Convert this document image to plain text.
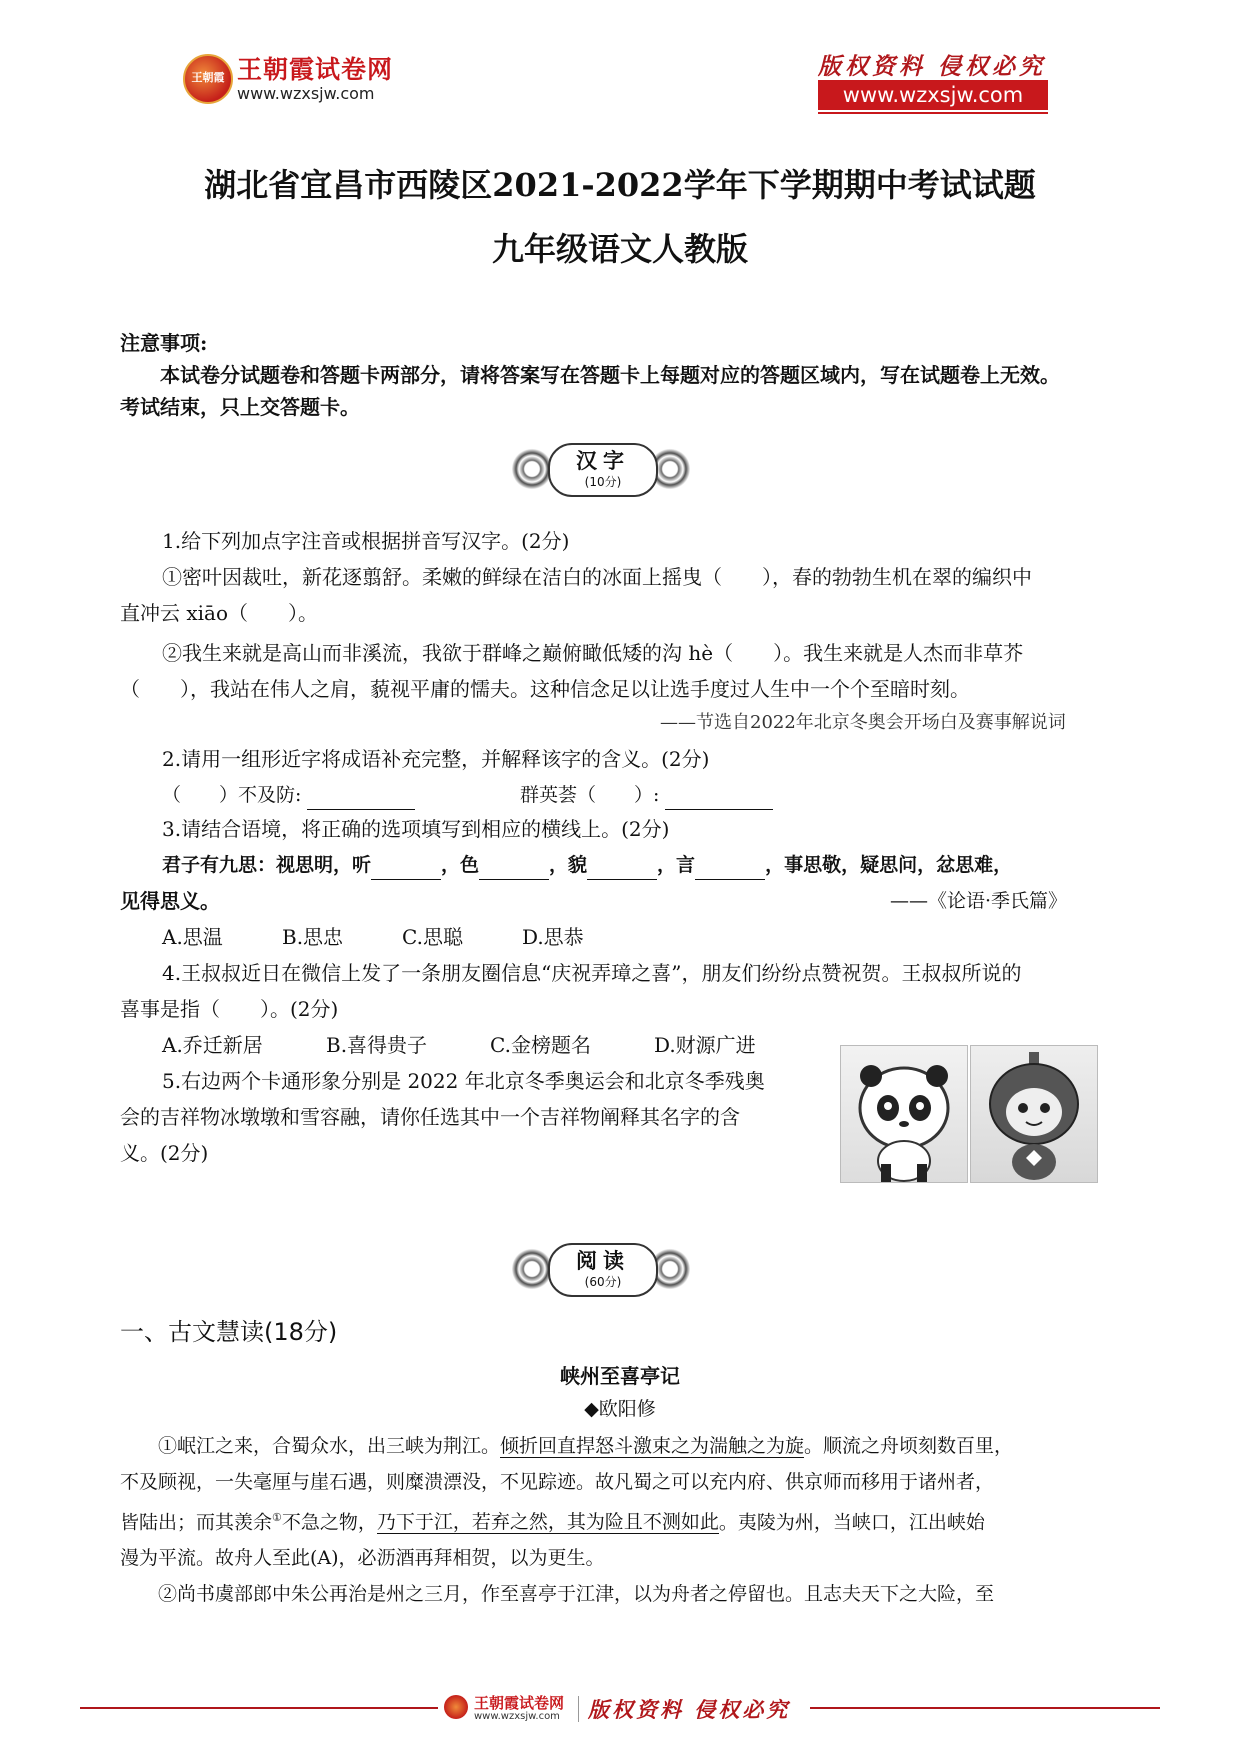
王朝霞 王朝霞试卷网
www.wzxsjw.com
版权资料 侵权必究
www.wzxsjw.com
湖北省宜昌市西陵区2021-2022学年下学期期中考试试题
九年级语文人教版
注意事项:
本试卷分试题卷和答题卡两部分，请将答案写在答题卡上每题对应的答题区域内，写在试题卷上无效。
考试结束，只上交答题卡。
汉字
(10分)
1.给下列加点字注音或根据拼音写汉字。(2分)
①密叶因裁吐，新花逐翦舒。柔嫩的鲜绿在洁白的冰面上摇曳（　　），春的勃勃生机在翠的编织中
直冲云 xiāo（　　）。
②我生来就是高山而非溪流，我欲于群峰之巅俯瞰低矮的沟 hè（　　）。我生来就是人杰而非草芥
（　　），我站在伟人之肩，藐视平庸的懦夫。这种信念足以让选手度过人生中一个个至暗时刻。
——节选自2022年北京冬奥会开场白及赛事解说词
2.请用一组形近字将成语补充完整，并解释该字的含义。(2分)
（　　）不及防:	群英荟（　　）:
3.请结合语境，将正确的选项填写到相应的横线上。(2分)
君子有九思：视思明，听	，色	，貌	，言	，事思敬，疑思问，忿思难，
见得思义。	——《论语·季氏篇》
A.思温	B.思忠	C.思聪	D.思恭
4.王叔叔近日在微信上发了一条朋友圈信息“庆祝弄璋之喜”，朋友们纷纷点赞祝贺。王叔叔所说的
喜事是指（　　）。(2分)
A.乔迁新居	B.喜得贵子	C.金榜题名	D.财源广进
5.右边两个卡通形象分别是 2022 年北京冬季奥运会和北京冬季残奥
会的吉祥物冰墩墩和雪容融，请你任选其中一个吉祥物阐释其名字的含
义。(2分)
阅读
(60分)
一、古文慧读(18分)
峡州至喜亭记
◆欧阳修
①岷江之来，合蜀众水，出三峡为荆江。倾折回直捍怒斗激束之为湍触之为旋。顺流之舟顷刻数百里，
不及顾视，一失毫厘与崖石遇，则糜溃漂没，不见踪迹。故凡蜀之可以充内府、供京师而移用于诸州者，
皆陆出；而其羡余①不急之物，乃下于江，若弃之然，其为险且不测如此。夷陵为州，当峡口，江出峡始
漫为平流。故舟人至此(A)，必沥酒再拜相贺，以为更生。
②尚书虞部郎中朱公再治是州之三月，作至喜亭于江津，以为舟者之停留也。且志夫天下之大险，至
王朝霞试卷网
www.wzxsjw.com 版权资料 侵权必究
